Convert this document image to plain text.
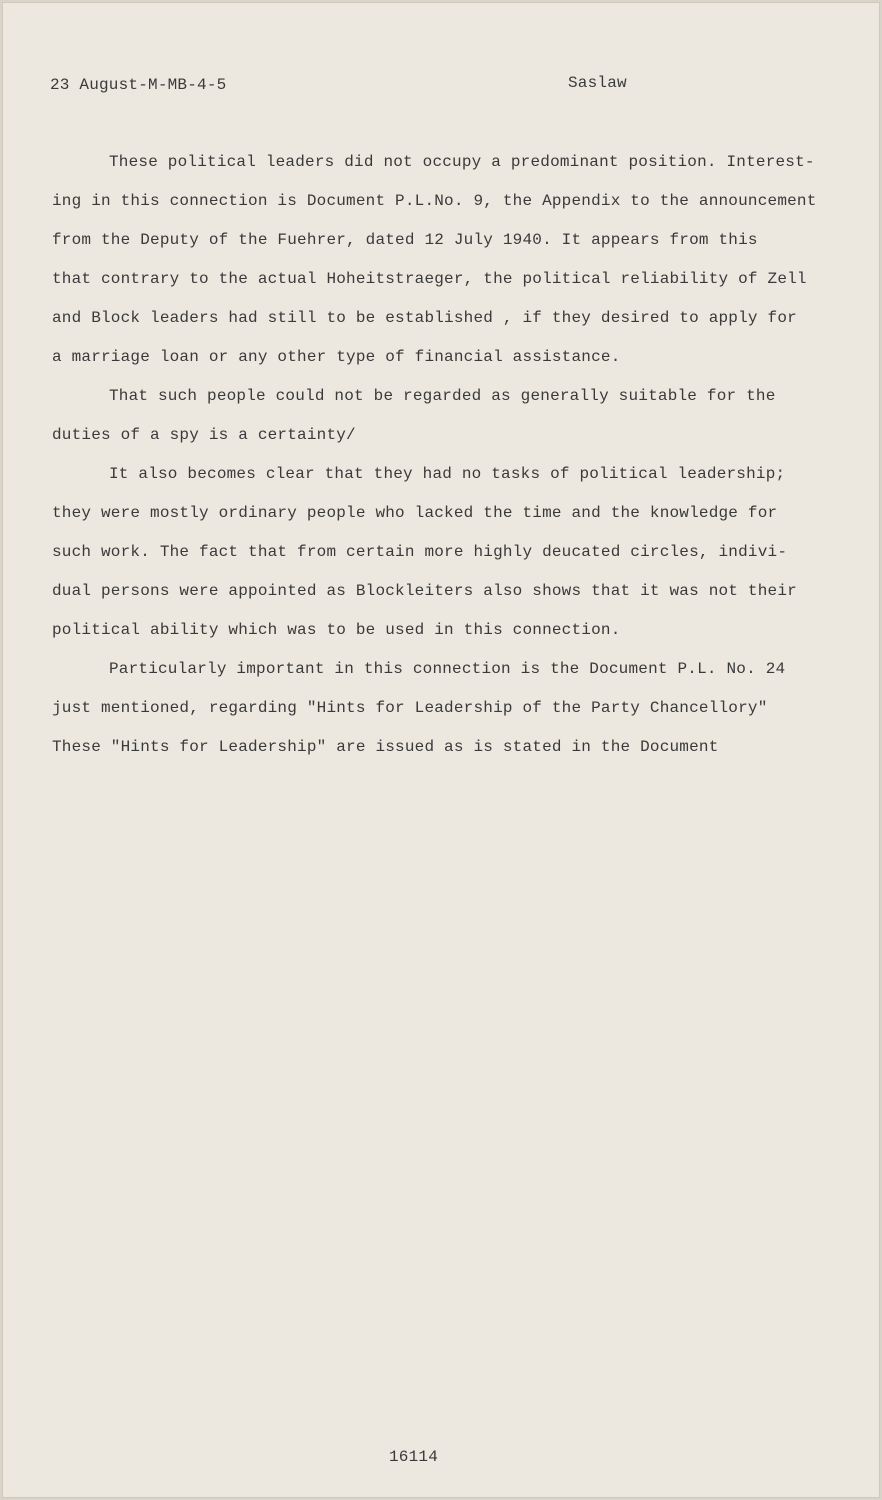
23 August-M-MB-4-5	Saslaw
These political leaders did not occupy a predominant position. Interest-
ing in this connection is Document P.L.No. 9, the Appendix to the announcement
from the Deputy of the Fuehrer, dated 12 July 1940. It appears from this
that contrary to the actual Hoheitstraeger, the political reliability of Zell
and Block leaders had still to be established , if they desired to apply for
a marriage loan or any other type of financial assistance.
That such people could not be regarded as generally suitable for the
duties of a spy is a certainty/
It also becomes clear that they had no tasks of political leadership;
they were mostly ordinary people who lacked the time and the knowledge for
such work. The fact that from certain more highly deucated circles, indivi-
dual persons were appointed as Blockleiters also shows that it was not their
political ability which was to be used in this connection.
Particularly important in this connection is the Document P.L. No. 24
just mentioned, regarding "Hints for Leadership of the Party Chancellory"
These "Hints for Leadership" are issued as is stated in the Document
16114
